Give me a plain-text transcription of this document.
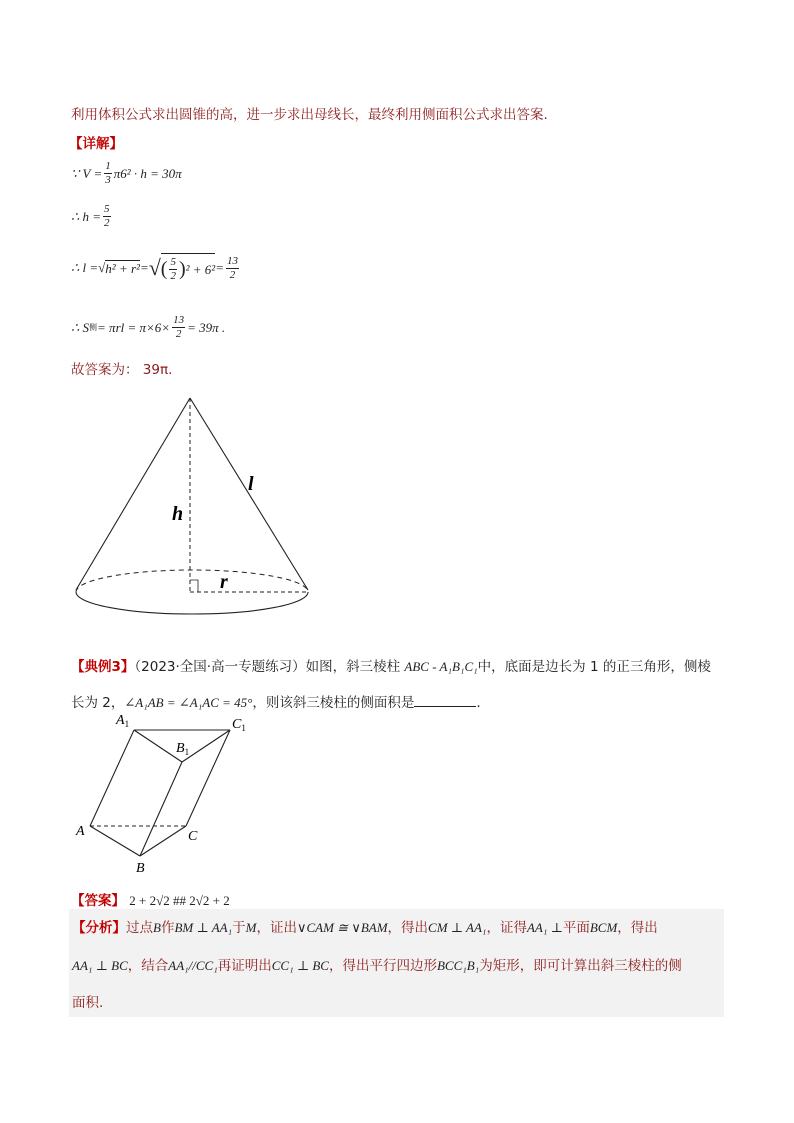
利用体积公式求出圆锥的高，进一步求出母线长，最终利用侧面积公式求出答案.
【详解】
∵ $V = \frac{1}{3} \pi 6^2 \cdot h = 30\pi$
∴ $h = \frac{5}{2}$
∴ l = √ h² + r² = √ ( $\frac{5}{2}$ ) $^2 + 6^2 = \frac{13}{2}$
∴ S 侧 = $\pi rl = \pi\times 6\times \frac{13}{2} = 39\pi$ .
故答案为： 39π.
h
l
r
【典例3】（2023·全国·高一专题练习）如图，斜三棱柱 ABC - A₁B₁C₁中，底面是边长为 1 的正三角形，侧棱
长为 2，∠A₁AB = ∠A₁AC = 45°，则该斜三棱柱的侧面积是	.
$A_1$
$B_1$
$C_1$
A
B
C
【答案】 2 + 2√2 ## 2√2 + 2
【分析】过点B作BM ⊥ AA₁于M，证出∨CAM ≅ ∨BAM，得出CM ⊥ AA₁，证得AA₁ ⊥平面BCM，得出
AA₁ ⊥ BC，结合AA₁//CC₁再证明出CC₁ ⊥ BC，得出平行四边形BCC₁B₁为矩形，即可计算出斜三棱柱的侧
面积.
